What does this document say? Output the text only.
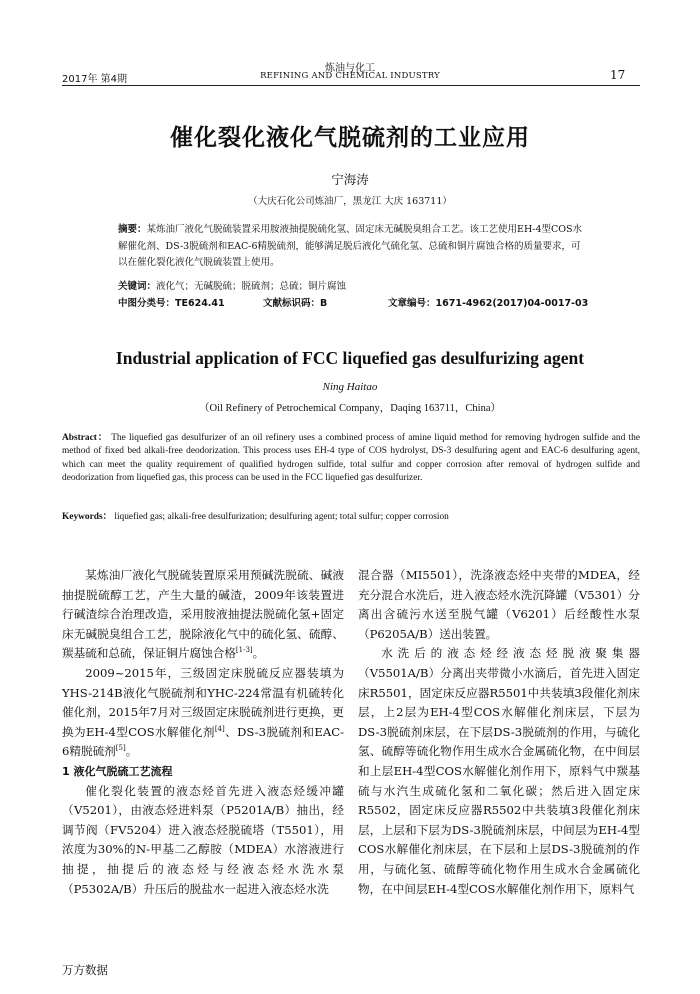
2017年 第4期
炼油与化工
REFINING AND CHEMICAL INDUSTRY	17
催化裂化液化气脱硫剂的工业应用
宁海涛
（大庆石化公司炼油厂，黑龙江 大庆 163711）
摘要：某炼油厂液化气脱硫装置采用胺液抽提脱硫化氢、固定床无碱脱臭组合工艺。该工艺使用EH-4型COS水解催化剂、DS-3脱硫剂和EAC-6精脱硫剂，能够满足脱后液化气硫化氢、总硫和铜片腐蚀合格的质量要求，可以在催化裂化液化气脱硫装置上使用。
关键词：液化气；无碱脱硫；脱硫剂；总硫；铜片腐蚀
中图分类号：TE624.41	文献标识码：B	文章编号：1671-4962(2017)04-0017-03
Industrial application of FCC liquefied gas desulfurizing agent
Ning Haitao
（Oil Refinery of Petrochemical Company，Daqing 163711，China）
Abstract： The liquefied gas desulfurizer of an oil refinery uses a combined process of amine liquid method for removing hydrogen sulfide and the method of fixed bed alkali-free deodorization. This process uses EH-4 type of COS hydrolyst, DS-3 desulfuring agent and EAC-6 desulfuring agent, which can meet the quality requirement of qualified hydrogen sulfide, total sulfur and copper corrosion after removal of hydrogen sulfide and deodorization from liquefied gas, this process can be used in the FCC liquefied gas desulfurizer.
Keywords： liquefied gas; alkali-free desulfurization; desulfuring agent; total sulfur; copper corrosion

某炼油厂液化气脱硫装置原采用预碱洗脱硫、碱液抽提脱硫醇工艺，产生大量的碱渣，2009年该装置进行碱渣综合治理改造，采用胺液抽提法脱硫化氢+固定床无碱脱臭组合工艺，脱除液化气中的硫化氢、硫醇、羰基硫和总硫，保证铜片腐蚀合格[1-3]。

2009~2015年，三级固定床脱硫反应器装填为YHS-214B液化气脱硫剂和YHC-224常温有机硫转化催化剂，2015年7月对三级固定床脱硫剂进行更换，更换为EH-4型COS水解催化剂[4]、DS-3脱硫剂和EAC-6精脱硫剂[5]。

1 液化气脱硫工艺流程

催化裂化装置的液态烃首先进入液态烃缓冲罐（V5201），由液态烃进料泵（P5201A/B）抽出，经调节阀（FV5204）进入液态烃脱硫塔（T5501），用浓度为30%的N-甲基二乙醇胺（MDEA）水溶液进行抽提，抽提后的液态烃与经液态烃水洗水泵（P5302A/B）升压后的脱盐水一起进入液态烃水洗

混合器（MI5501），洗涤液态烃中夹带的MDEA，经充分混合水洗后，进入液态烃水洗沉降罐（V5301）分离出含硫污水送至脱气罐（V6201）后经酸性水泵（P6205A/B）送出装置。

水洗后的液态烃经液态烃脱液聚集器（V5501A/B）分离出夹带微小水滴后，首先进入固定床R5501，固定床反应器R5501中共装填3段催化剂床层，上2层为EH-4型COS水解催化剂床层，下层为DS-3脱硫剂床层，在下层DS-3脱硫剂的作用，与硫化氢、硫醇等硫化物作用生成水合金属硫化物，在中间层和上层EH-4型COS水解催化剂作用下，原料气中羰基硫与水汽生成硫化氢和二氧化碳；然后进入固定床R5502，固定床反应器R5502中共装填3段催化剂床层，上层和下层为DS-3脱硫剂床层，中间层为EH-4型COS水解催化剂床层，在下层和上层DS-3脱硫剂的作用，与硫化氢、硫醇等硫化物作用生成水合金属硫化物，在中间层EH-4型COS水解催化剂作用下，原料气

万方数据
